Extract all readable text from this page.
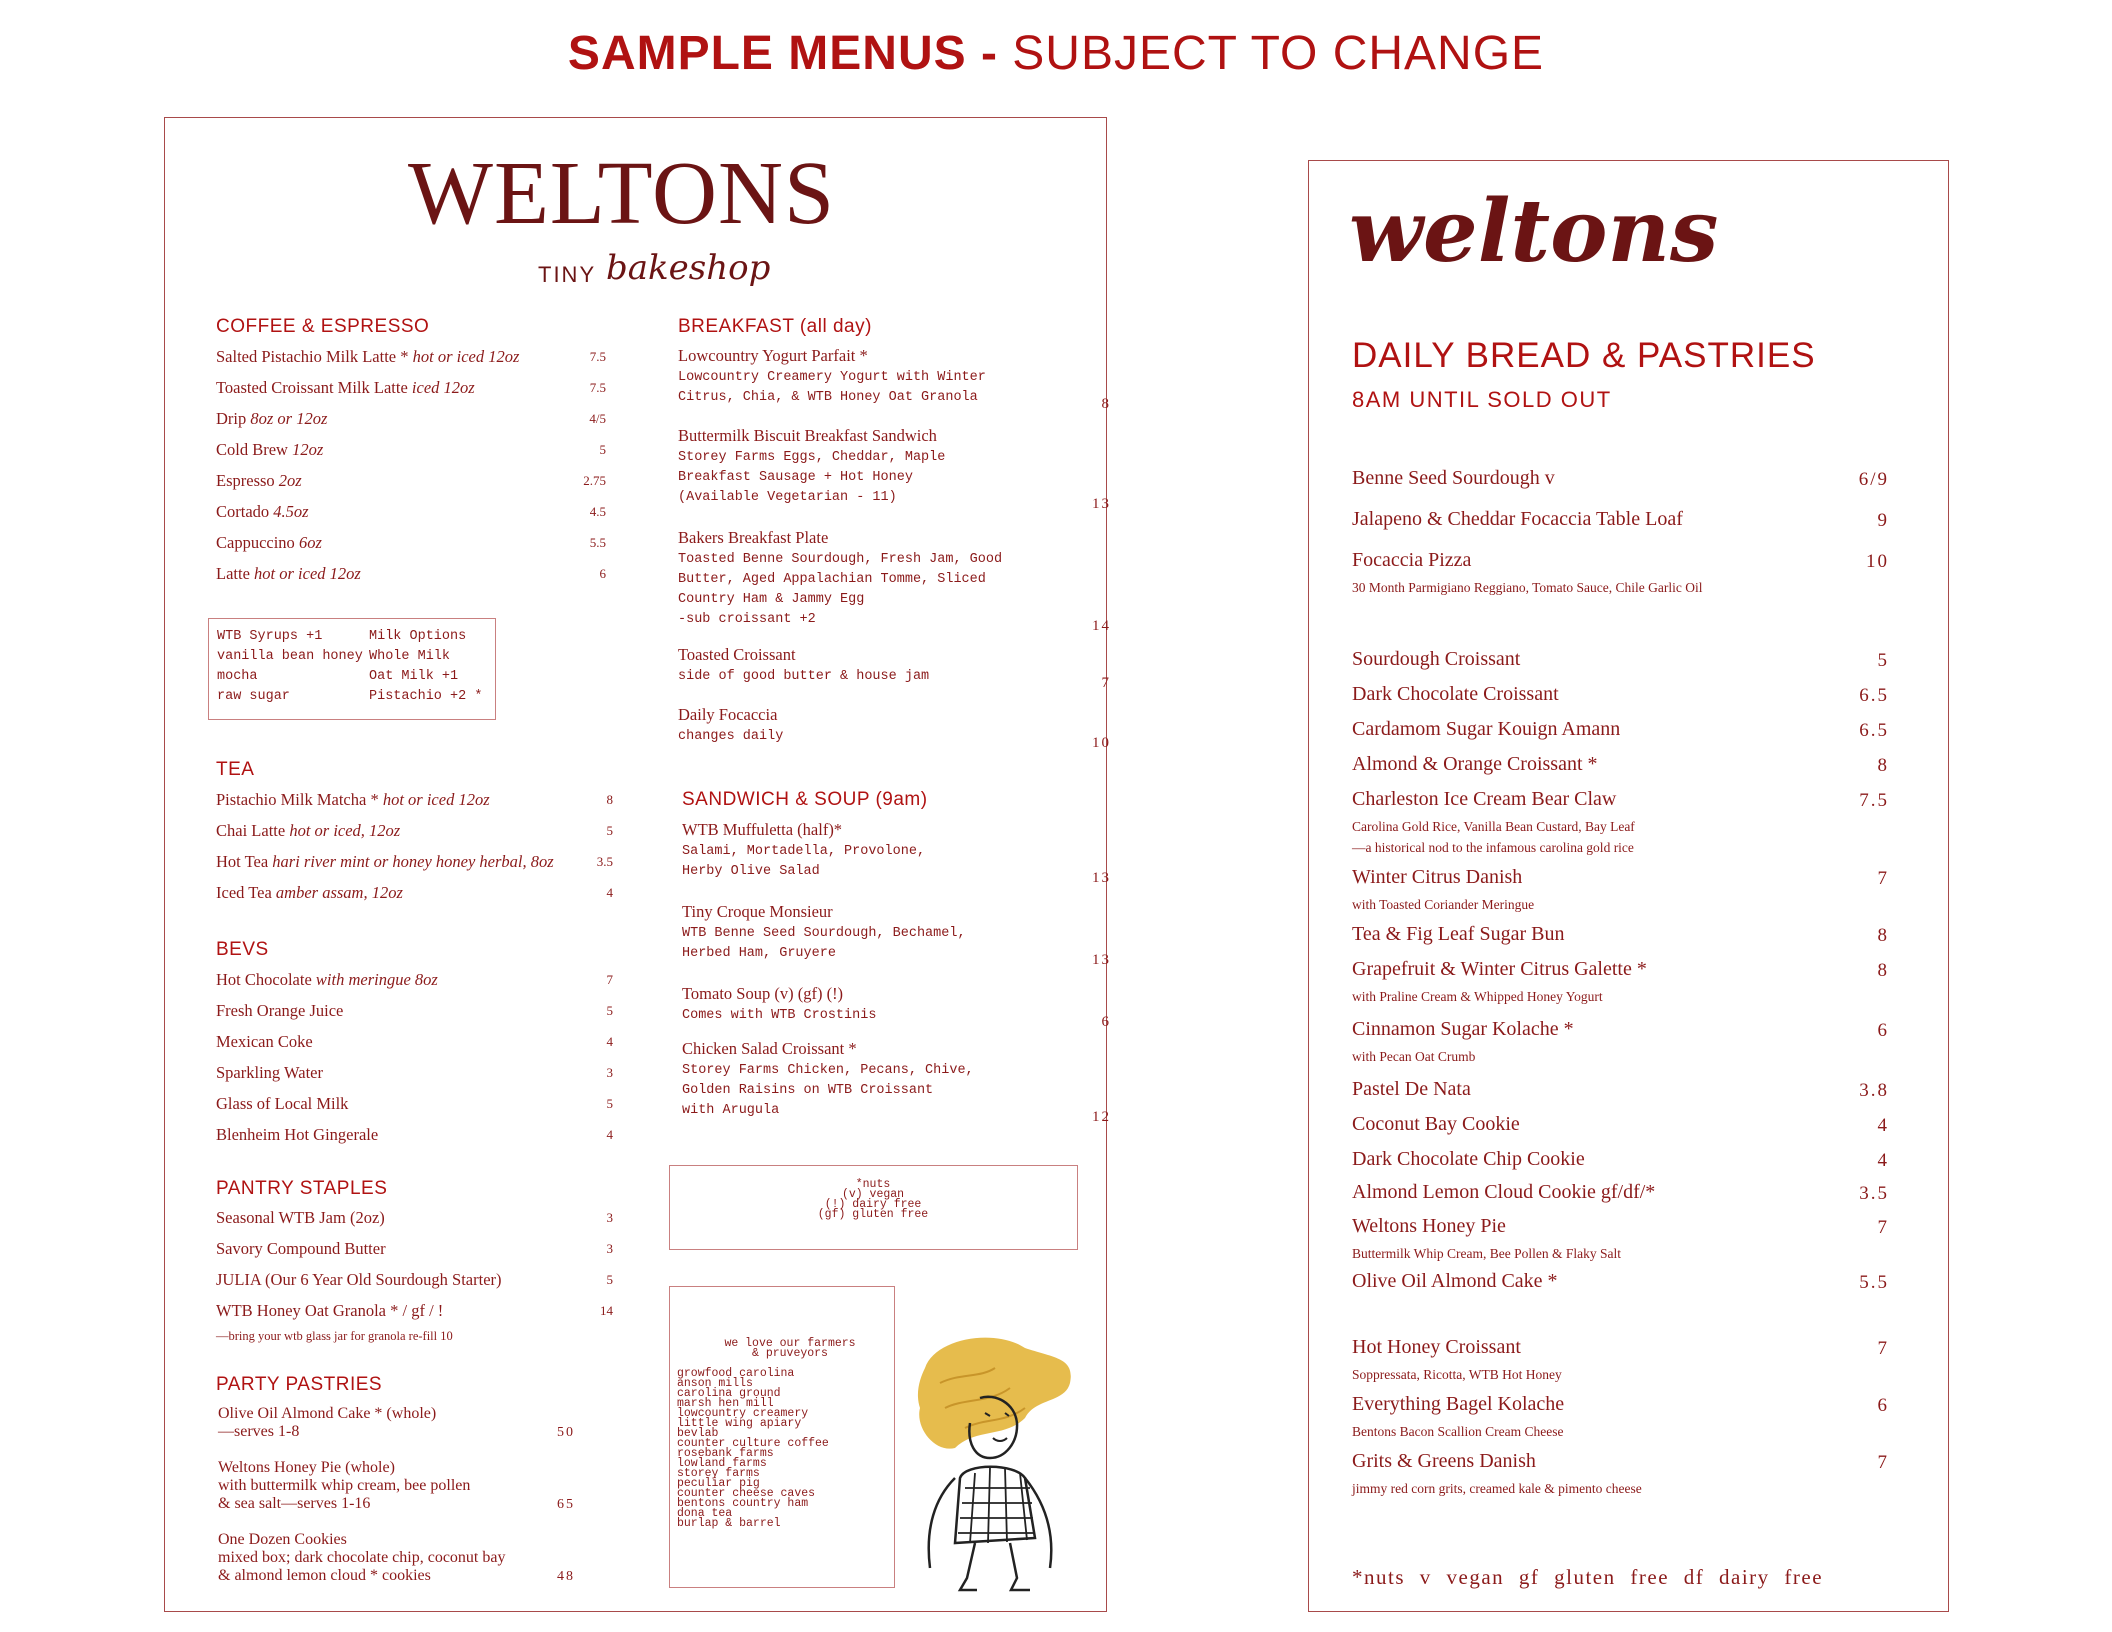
SAMPLE MENUS - SUBJECT TO CHANGE
WELTONS
TINY bakeshop
COFFEE & ESPRESSO
Salted Pistachio Milk Latte * hot or iced 12oz	7.5
Toasted Croissant Milk Latte iced 12oz	7.5
Drip 8oz or 12oz	4/5
Cold Brew 12oz	5
Espresso 2oz	2.75
Cortado 4.5oz	4.5
Cappuccino 6oz	5.5
Latte hot or iced 12oz	6
WTB Syrups +1
vanilla bean honey
mocha
raw sugar
Milk Options
Whole Milk
Oat Milk +1
Pistachio +2 *
TEA
Pistachio Milk Matcha * hot or iced 12oz	8
Chai Latte hot or iced, 12oz	5
Hot Tea hari river mint or honey honey herbal, 8oz	3.5
Iced Tea amber assam, 12oz	4
BEVS
Hot Chocolate with meringue 8oz	7
Fresh Orange Juice	5
Mexican Coke	4
Sparkling Water	3
Glass of Local Milk	5
Blenheim Hot Gingerale	4
PANTRY STAPLES
Seasonal WTB Jam (2oz)	3
Savory Compound Butter	3
JULIA (Our 6 Year Old Sourdough Starter)	5
WTB Honey Oat Granola * / gf / !	14
—bring your wtb glass jar for granola re-fill 10
PARTY PASTRIES
Olive Oil Almond Cake * (whole)
—serves 1-8	50
Weltons Honey Pie (whole)
with buttermilk whip cream, bee pollen
& sea salt—serves 1-16	65
One Dozen Cookies
mixed box; dark chocolate chip, coconut bay
& almond lemon cloud * cookies	48
BREAKFAST (all day)
Lowcountry Yogurt Parfait *
Lowcountry Creamery Yogurt with Winter
Citrus, Chia, & WTB Honey Oat Granola	8
Buttermilk Biscuit Breakfast Sandwich
Storey Farms Eggs, Cheddar, Maple
Breakfast Sausage + Hot Honey
(Available Vegetarian - 11)	13
Bakers Breakfast Plate
Toasted Benne Sourdough, Fresh Jam, Good
Butter, Aged Appalachian Tomme, Sliced
Country Ham & Jammy Egg
-sub croissant +2	14
Toasted Croissant
side of good butter & house jam	7
Daily Focaccia
changes daily	10
SANDWICH & SOUP (9am)
WTB Muffuletta (half)*
Salami, Mortadella, Provolone,
Herby Olive Salad	13
Tiny Croque Monsieur
WTB Benne Seed Sourdough, Bechamel,
Herbed Ham, Gruyere	13
Tomato Soup (v) (gf) (!)
Comes with WTB Crostinis	6
Chicken Salad Croissant *
Storey Farms Chicken, Pecans, Chive,
Golden Raisins on WTB Croissant
with Arugula	12
*nuts
(v) vegan
(!) dairy free
(gf) gluten free
we love our farmers
& pruveyors
growfood carolina
anson mills
carolina ground
marsh hen mill
lowcountry creamery
little wing apiary
bevlab
counter culture coffee
rosebank farms
lowland farms
storey farms
peculiar pig
counter cheese caves
bentons country ham
dona tea
burlap & barrel
weltons
DAILY BREAD & PASTRIES
8AM UNTIL SOLD OUT
Benne Seed Sourdough v	6/9
Jalapeno & Cheddar Focaccia Table Loaf	9
Focaccia Pizza	10
30 Month Parmigiano Reggiano, Tomato Sauce, Chile Garlic Oil
Sourdough Croissant	5
Dark Chocolate Croissant	6.5
Cardamom Sugar Kouign Amann	6.5
Almond & Orange Croissant *	8
Charleston Ice Cream Bear Claw	7.5
Carolina Gold Rice, Vanilla Bean Custard, Bay Leaf
—a historical nod to the infamous carolina gold rice
Winter Citrus Danish	7
with Toasted Coriander Meringue
Tea & Fig Leaf Sugar Bun	8
Grapefruit & Winter Citrus Galette *	8
with Praline Cream & Whipped Honey Yogurt
Cinnamon Sugar Kolache *	6
with Pecan Oat Crumb
Pastel De Nata	3.8
Coconut Bay Cookie	4
Dark Chocolate Chip Cookie	4
Almond Lemon Cloud Cookie gf/df/*	3.5
Weltons Honey Pie	7
Buttermilk Whip Cream, Bee Pollen & Flaky Salt
Olive Oil Almond Cake *	5.5
Hot Honey Croissant	7
Soppressata, Ricotta, WTB Hot Honey
Everything Bagel Kolache	6
Bentons Bacon Scallion Cream Cheese
Grits & Greens Danish	7
jimmy red corn grits, creamed kale & pimento cheese
*nuts v vegan gf gluten free df dairy free
